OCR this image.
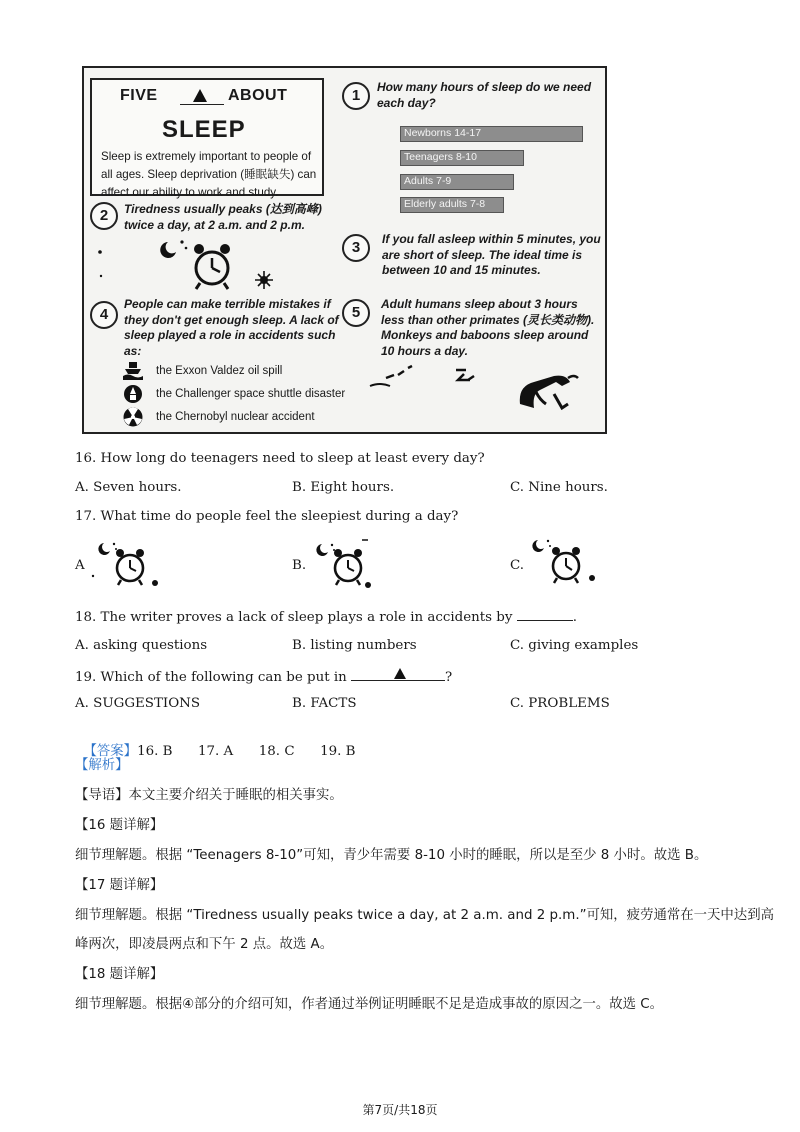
FIVE	ABOUT
SLEEP
Sleep is extremely important to people of all ages. Sleep deprivation (睡眠缺失) can affect our ability to work and study.
1	How many hours of sleep do we need each day?
Newborns 14-17
Teenagers 8-10
Adults 7-9
Elderly adults 7-8
2	Tiredness usually peaks (达到高峰) twice a day, at 2 a.m. and 2 p.m.
3	If you fall asleep within 5 minutes, you are short of sleep. The ideal time is between 10 and 15 minutes.
4
People can make terrible mistakes if they don't get enough sleep. A lack of sleep played a role in accidents such as:
the Exxon Valdez oil spill
the Challenger space shuttle disaster
the Chernobyl nuclear accident
5	Adult humans sleep about 3 hours less than other primates (灵长类动物). Monkeys and baboons sleep around 10 hours a day.
16. How long do teenagers need to sleep at least every day?
A. Seven hours.	B. Eight hours.	C. Nine hours.
17. What time do people feel the sleepiest during a day?
A	B.	C.
18. The writer proves a lack of sleep plays a role in accidents by	.
A. asking questions	B. listing numbers	C. giving examples
19. Which of the following can be put in	?
A. SUGGESTIONS	B. FACTS	C. PROBLEMS

【答案】16. B      17. A      18. C      19. B

【解析】
【导语】本文主要介绍关于睡眠的相关事实。
【16 题详解】
细节理解题。根据 “Teenagers 8-10”可知，青少年需要 8-10 小时的睡眠，所以是至少 8 小时。故选 B。
【17 题详解】
细节理解题。根据 “Tiredness usually peaks twice a day, at 2 a.m. and 2 p.m.”可知，疲劳通常在一天中达到高
峰两次，即凌晨两点和下午 2 点。故选 A。
【18 题详解】
细节理解题。根据④部分的介绍可知，作者通过举例证明睡眠不足是造成事故的原因之一。故选 C。
第7页/共18页
